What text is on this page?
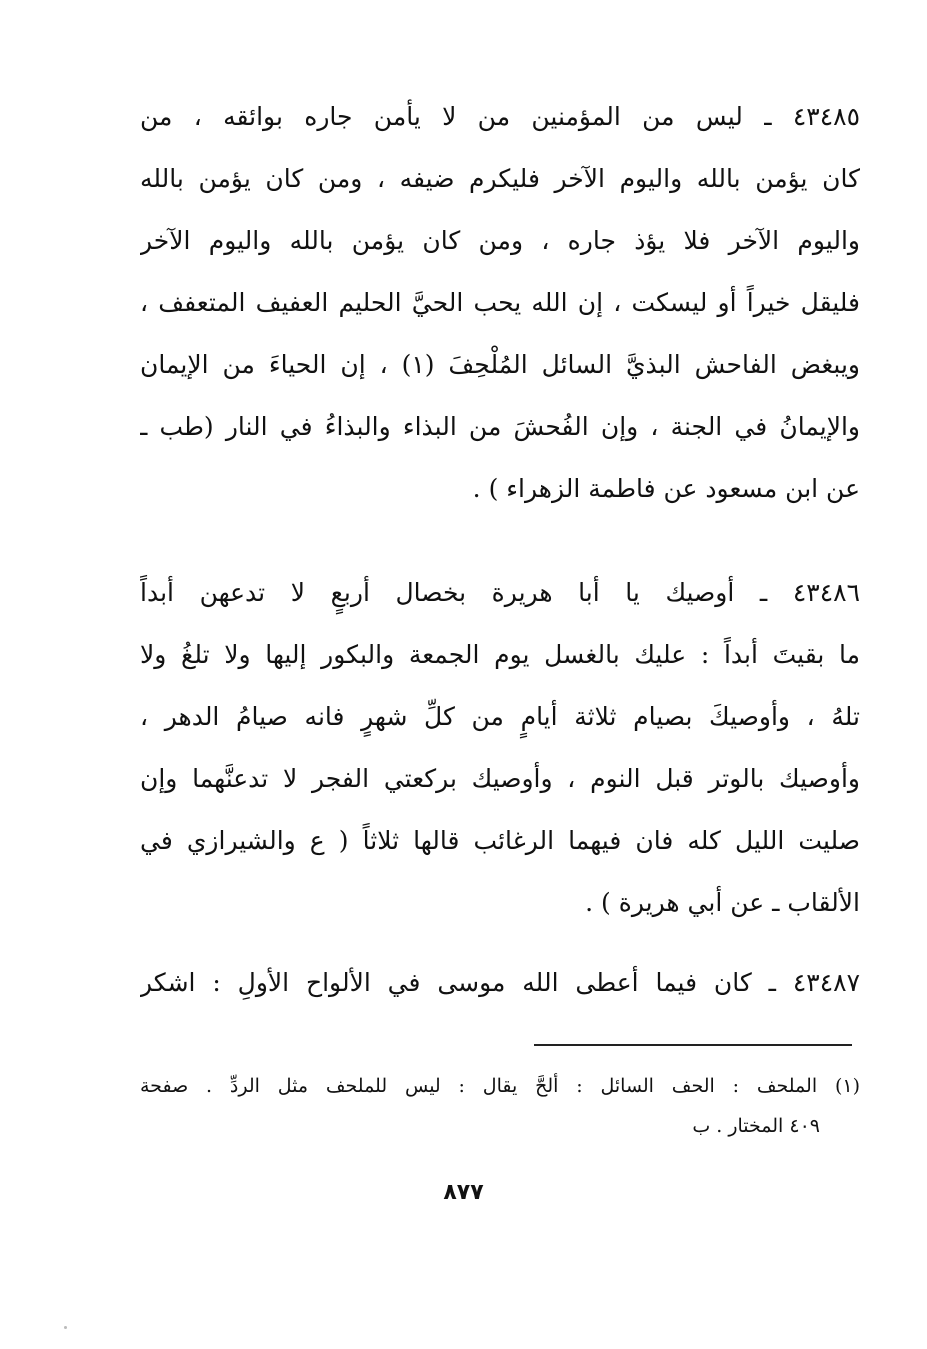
٤٣٤٨٥ ـ ليس من المؤمنين من لا يأمن جاره بوائقه ، من
كان يؤمن بالله واليوم الآخر فليكرم ضيفه ، ومن كان يؤمن بالله
واليوم الآخر فلا يؤذ جاره ، ومن كان يؤمن بالله واليوم الآخر
فليقل خيراً أو ليسكت ، إن الله يحب الحيَّ الحليم العفيف المتعفف ،
ويبغض الفاحش البذيَّ السائل المُلْحِفَ (١) ، إن الحياءَ من الإيمان
والإيمانُ في الجنة ، وإن الفُحشَ من البذاء والبذاءُ في النار (طب ـ
عن ابن مسعود عن فاطمة الزهراء ) .
٤٣٤٨٦ ـ أوصيك يا أبا هريرة بخصال أربعٍ لا تدعهن أبداً
ما بقيتَ أبداً : عليك بالغسل يوم الجمعة والبكور إليها ولا تلغُ ولا
تلهُ ، وأوصيكَ بصيام ثلاثة أيامٍ من كلِّ شهرٍ فانه صيامُ الدهر ،
وأوصيك بالوتر قبل النوم ، وأوصيك بركعتي الفجر لا تدعنَّهما وإن
صليت الليل كله فان فيهما الرغائب قالها ثلاثاً ( ع والشيرازي في
الألقاب ـ عن أبي هريرة ) .
٤٣٤٨٧ ـ كان فيما أعطى الله موسى في الألواح الأولِ : اشكر
(١) الملحف : الحف السائل : ألحَّ يقال : ليس للملحف مثل الردِّ . صفحة
٤٠٩ المختار . ب
٨٧٧
